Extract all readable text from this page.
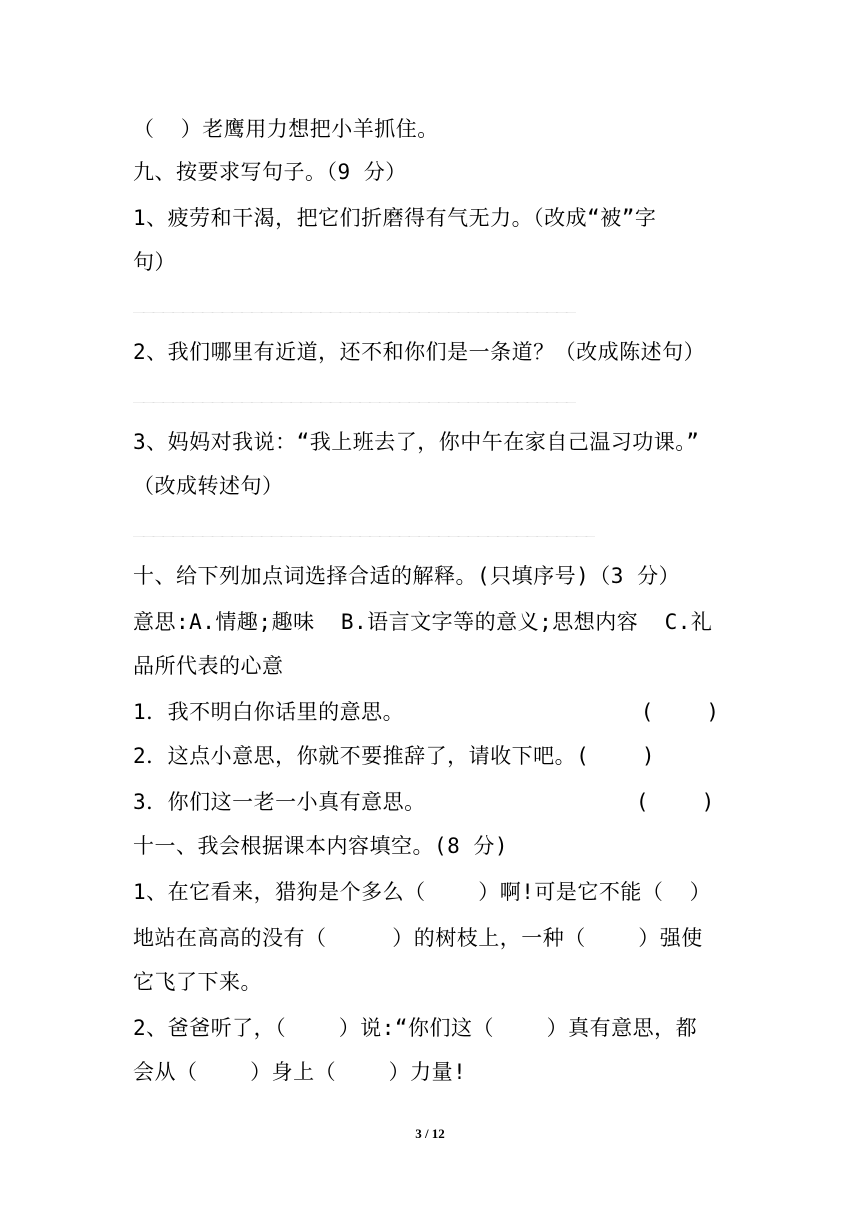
（  ）老鹰用力想把小羊抓住。
九、按要求写句子。（9 分）
1、疲劳和干渴，把它们折磨得有气无力。（改成“被”字
句）
_____________________________________________
2、我们哪里有近道，还不和你们是一条道？（改成陈述句）
_____________________________________________
3、妈妈对我说：“我上班去了，你中午在家自己温习功课。”
（改成转述句）
_______________________________________________
十、给下列加点词选择合适的解释。(只填序号)（3 分）
意思:A.情趣;趣味  B.语言文字等的意义;思想内容  C.礼
品所代表的心意
1．我不明白你话里的意思。                  (    )
2．这点小意思，你就不要推辞了，请收下吧。(    )
3．你们这一老一小真有意思。                (    )
十一、我会根据课本内容填空。(8 分)
1、在它看来，猎狗是个多么（    ）啊!可是它不能（  ）
地站在高高的没有（     ）的树枝上，一种（    ）强使
它飞了下来。
2、爸爸听了，（    ）说:“你们这（    ）真有意思，都
会从（    ）身上（    ）力量!
3 / 12
